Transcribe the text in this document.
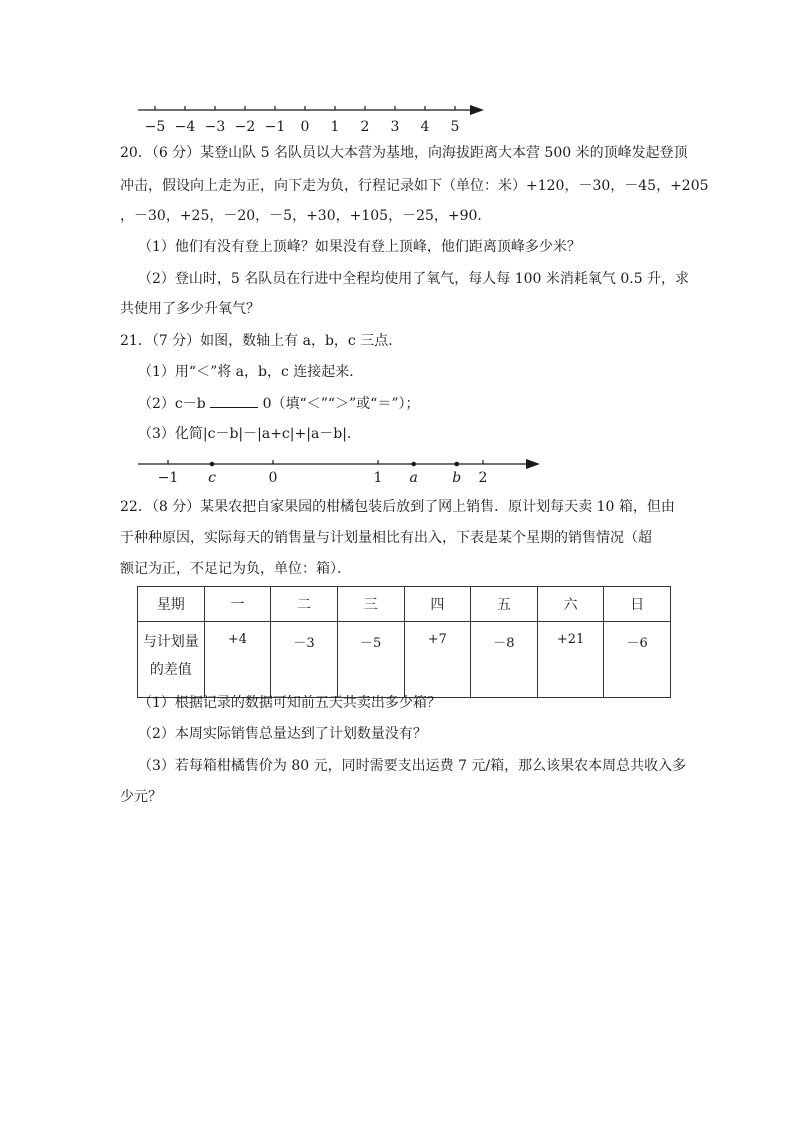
−5 −4 −3 −2 −1 0 1 2 3 4 5
20．（6 分）某登山队 5 名队员以大本营为基地，向海拔距离大本营 500 米的顶峰发起登顶
冲击，假设向上走为正，向下走为负，行程记录如下（单位：米）+120，－30，－45，+205
，－30，+25，－20，－5，+30，+105，－25，+90．
（1）他们有没有登上顶峰？如果没有登上顶峰，他们距离顶峰多少米？
（2）登山时，5 名队员在行进中全程均使用了氧气，每人每 100 米消耗氧气 0.5 升，求
共使用了多少升氧气？
21．（7 分）如图，数轴上有 a，b，c 三点．
（1）用“＜”将 a，b，c 连接起来．
（2）c－b	0（填“＜”“＞”或“＝”）；
（3）化简|c－b|－|a+c|+|a－b|．
−1 c	0	1 a b 2
22．（8 分）某果农把自家果园的柑橘包装后放到了网上销售．原计划每天卖 10 箱，但由
于种种原因，实际每天的销售量与计划量相比有出入，下表是某个星期的销售情况（超
额记为正，不足记为负，单位：箱）．
星期	一	二	三	四	五	六	日

与计划量
的差值	+4	－3	－5	+7	－8	+21	－6
（1）根据记录的数据可知前五天共卖出多少箱？
（2）本周实际销售总量达到了计划数量没有？
（3）若每箱柑橘售价为 80 元，同时需要支出运费 7 元/箱，那么该果农本周总共收入多
少元？
